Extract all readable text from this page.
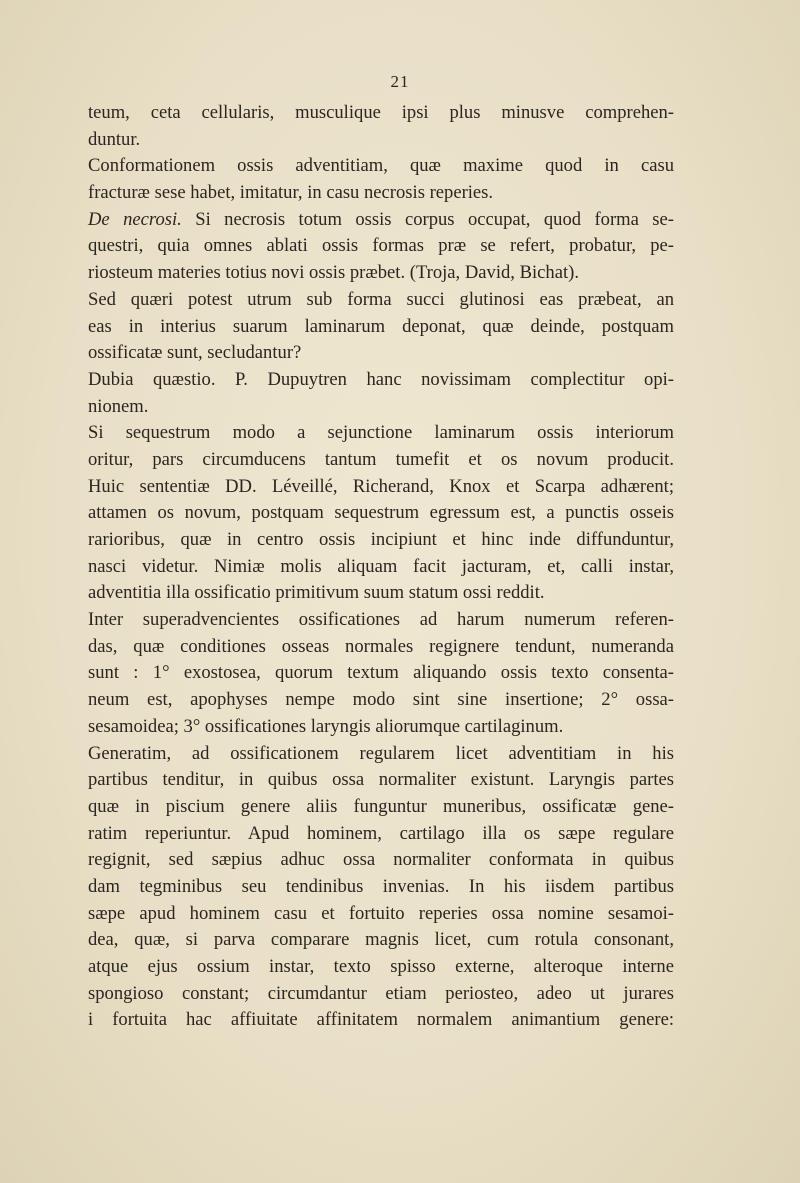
21
teum, ceta cellularis, musculique ipsi plus minusve comprehen-
duntur.
Conformationem ossis adventitiam, quæ maxime quod in casu
fracturæ sese habet, imitatur, in casu necrosis reperies.
De necrosi. Si necrosis totum ossis corpus occupat, quod forma se-
questri, quia omnes ablati ossis formas præ se refert, probatur, pe-
riosteum materies totius novi ossis præbet. (Troja, David, Bichat).
Sed quæri potest utrum sub forma succi glutinosi eas præbeat, an
eas in interius suarum laminarum deponat, quæ deinde, postquam
ossificatæ sunt, secludantur?
Dubia quæstio. P. Dupuytren hanc novissimam complectitur opi-
nionem.
Si sequestrum modo a sejunctione laminarum ossis interiorum
oritur, pars circumducens tantum tumefit et os novum producit.
Huic sententiæ DD. Léveillé, Richerand, Knox et Scarpa adhærent;
attamen os novum, postquam sequestrum egressum est, a punctis osseis
rarioribus, quæ in centro ossis incipiunt et hinc inde diffunduntur,
nasci videtur. Nimiæ molis aliquam facit jacturam, et, calli instar,
adventitia illa ossificatio primitivum suum statum ossi reddit.
Inter superadvencientes ossificationes ad harum numerum referen-
das, quæ conditiones osseas normales regignere tendunt, numeranda
sunt : 1° exostosea, quorum textum aliquando ossis texto consenta-
neum est, apophyses nempe modo sint sine insertione; 2° ossa-
sesamoidea; 3° ossificationes laryngis aliorumque cartilaginum.
Generatim, ad ossificationem regularem licet adventitiam in his
partibus tenditur, in quibus ossa normaliter existunt. Laryngis partes
quæ in piscium genere aliis funguntur muneribus, ossificatæ gene-
ratim reperiuntur. Apud hominem, cartilago illa os sæpe regulare
regignit, sed sæpius adhuc ossa normaliter conformata in quibus
dam tegminibus seu tendinibus invenias. In his iisdem partibus
sæpe apud hominem casu et fortuito reperies ossa nomine sesamoi-
dea, quæ, si parva comparare magnis licet, cum rotula consonant,
atque ejus ossium instar, texto spisso externe, alteroque interne
spongioso constant; circumdantur etiam periosteo, adeo ut jurares
i fortuita hac affiuitate affinitatem normalem animantium genere:
